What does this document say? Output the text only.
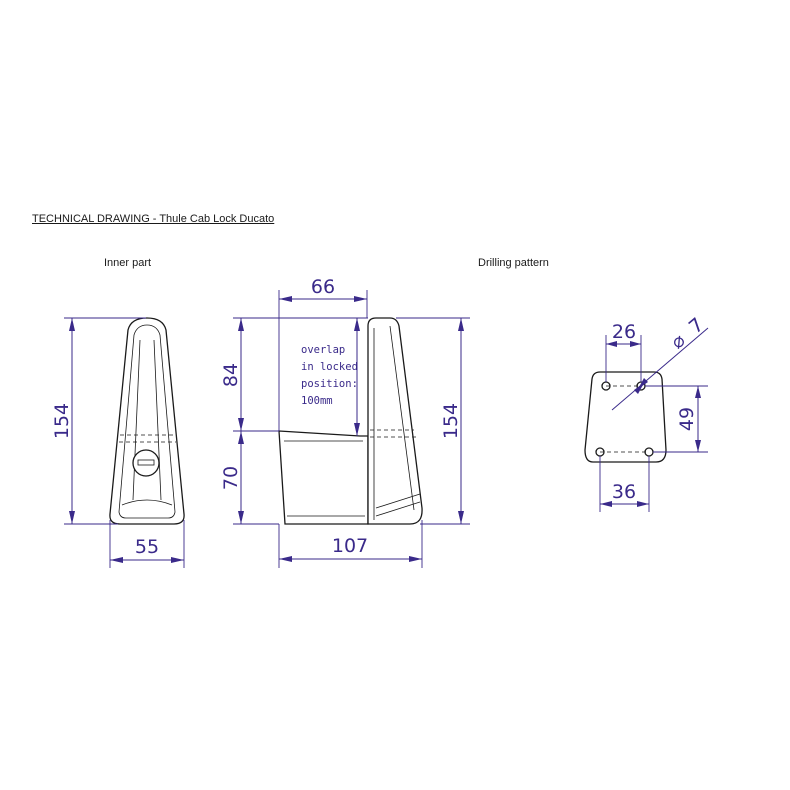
TECHNICAL DRAWING - Thule Cab Lock Ducato
Inner part	Drilling pattern
154
55
66
84
70
overlap
in locked
position:
100mm
154
107
26 ⌀
7
49
36
